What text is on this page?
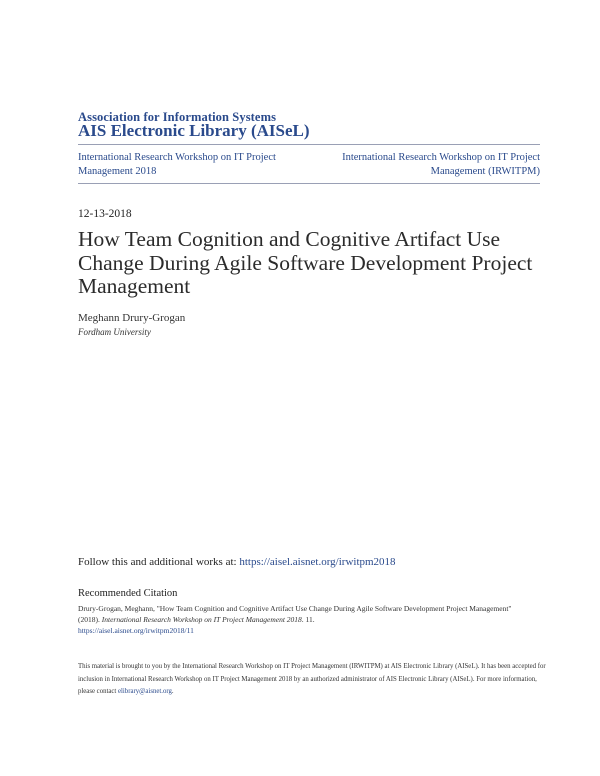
Association for Information Systems
AIS Electronic Library (AISeL)
International Research Workshop on IT Project Management 2018
International Research Workshop on IT Project Management (IRWITPM)
12-13-2018
How Team Cognition and Cognitive Artifact Use Change During Agile Software Development Project Management
Meghann Drury-Grogan
Fordham University
Follow this and additional works at: https://aisel.aisnet.org/irwitpm2018
Recommended Citation
Drury-Grogan, Meghann, "How Team Cognition and Cognitive Artifact Use Change During Agile Software Development Project Management" (2018). International Research Workshop on IT Project Management 2018. 11.
https://aisel.aisnet.org/irwitpm2018/11
This material is brought to you by the International Research Workshop on IT Project Management (IRWITPM) at AIS Electronic Library (AISeL). It has been accepted for inclusion in International Research Workshop on IT Project Management 2018 by an authorized administrator of AIS Electronic Library (AISeL). For more information, please contact elibrary@aisnet.org.
